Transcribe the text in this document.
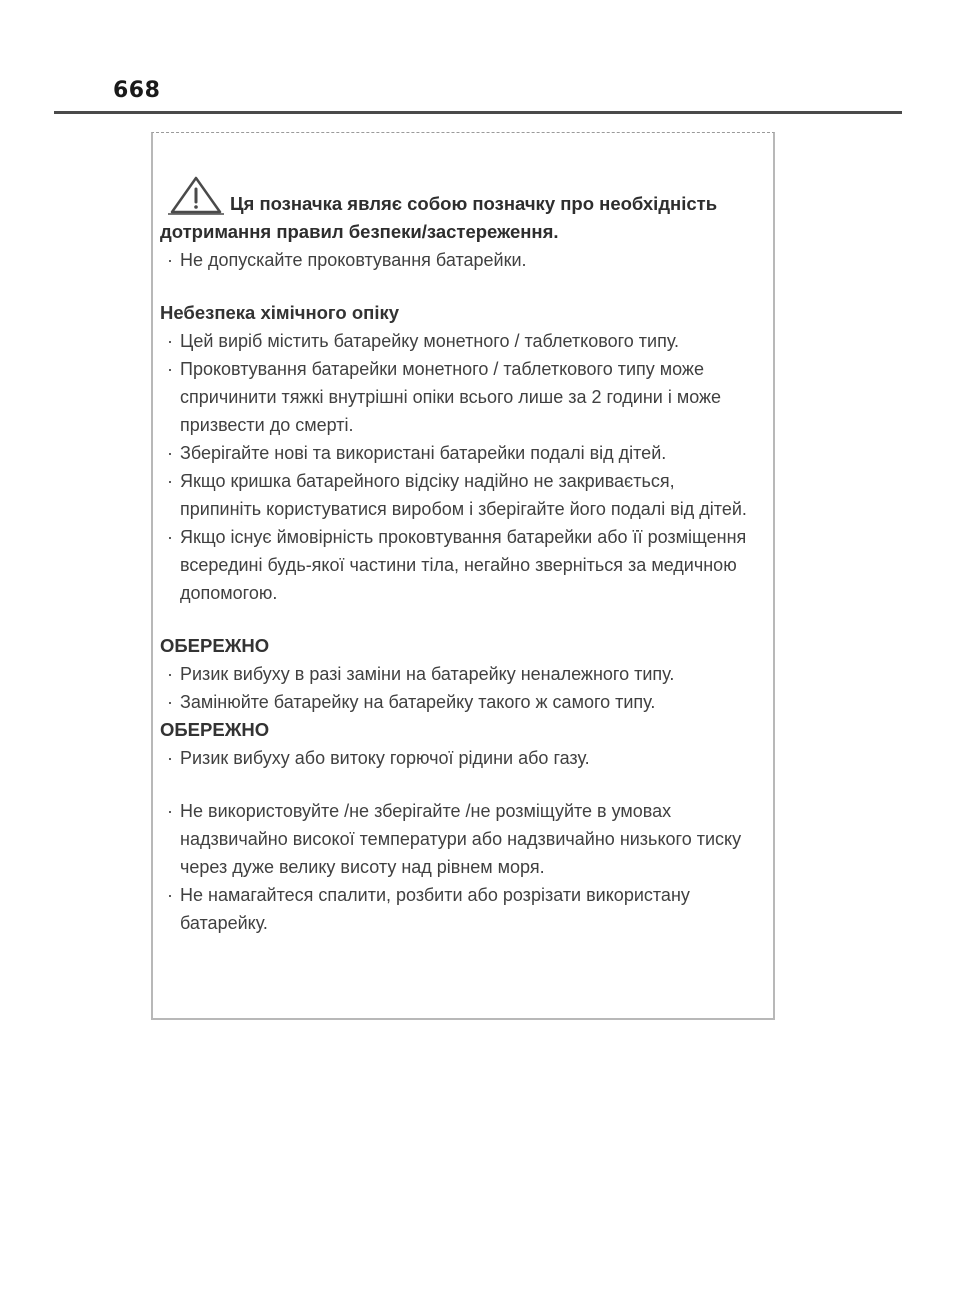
668
Ця позначка являє собою позначку про необхідність
дотримання правил безпеки/застереження.
· Не допускайте проковтування батарейки.
Небезпека хімічного опіку
· Цей виріб містить батарейку монетного / таблеткового типу.
· Проковтування батарейки монетного / таблеткового типу може спричинити тяжкі внутрішні опіки всього лише за 2 години і може призвести до смерті.
· Зберігайте нові та використані батарейки подалі від дітей.
· Якщо кришка батарейного відсіку надійно не закривається, припиніть користуватися виробом і зберігайте його подалі від дітей.
· Якщо існує ймовірність проковтування батарейки або її розміщення всередині будь-якої частини тіла, негайно зверніться за медичною допомогою.
ОБЕРЕЖНО
· Ризик вибуху в разі заміни на батарейку неналежного типу.
· Замінюйте батарейку на батарейку такого ж самого типу.
ОБЕРЕЖНО
· Ризик вибуху або витоку горючої рідини або газу.
· Не використовуйте /не зберігайте /не розміщуйте в умовах надзвичайно високої температури або надзвичайно низького тиску через дуже велику висоту над рівнем моря.
· Не намагайтеся спалити, розбити або розрізати використану батарейку.
